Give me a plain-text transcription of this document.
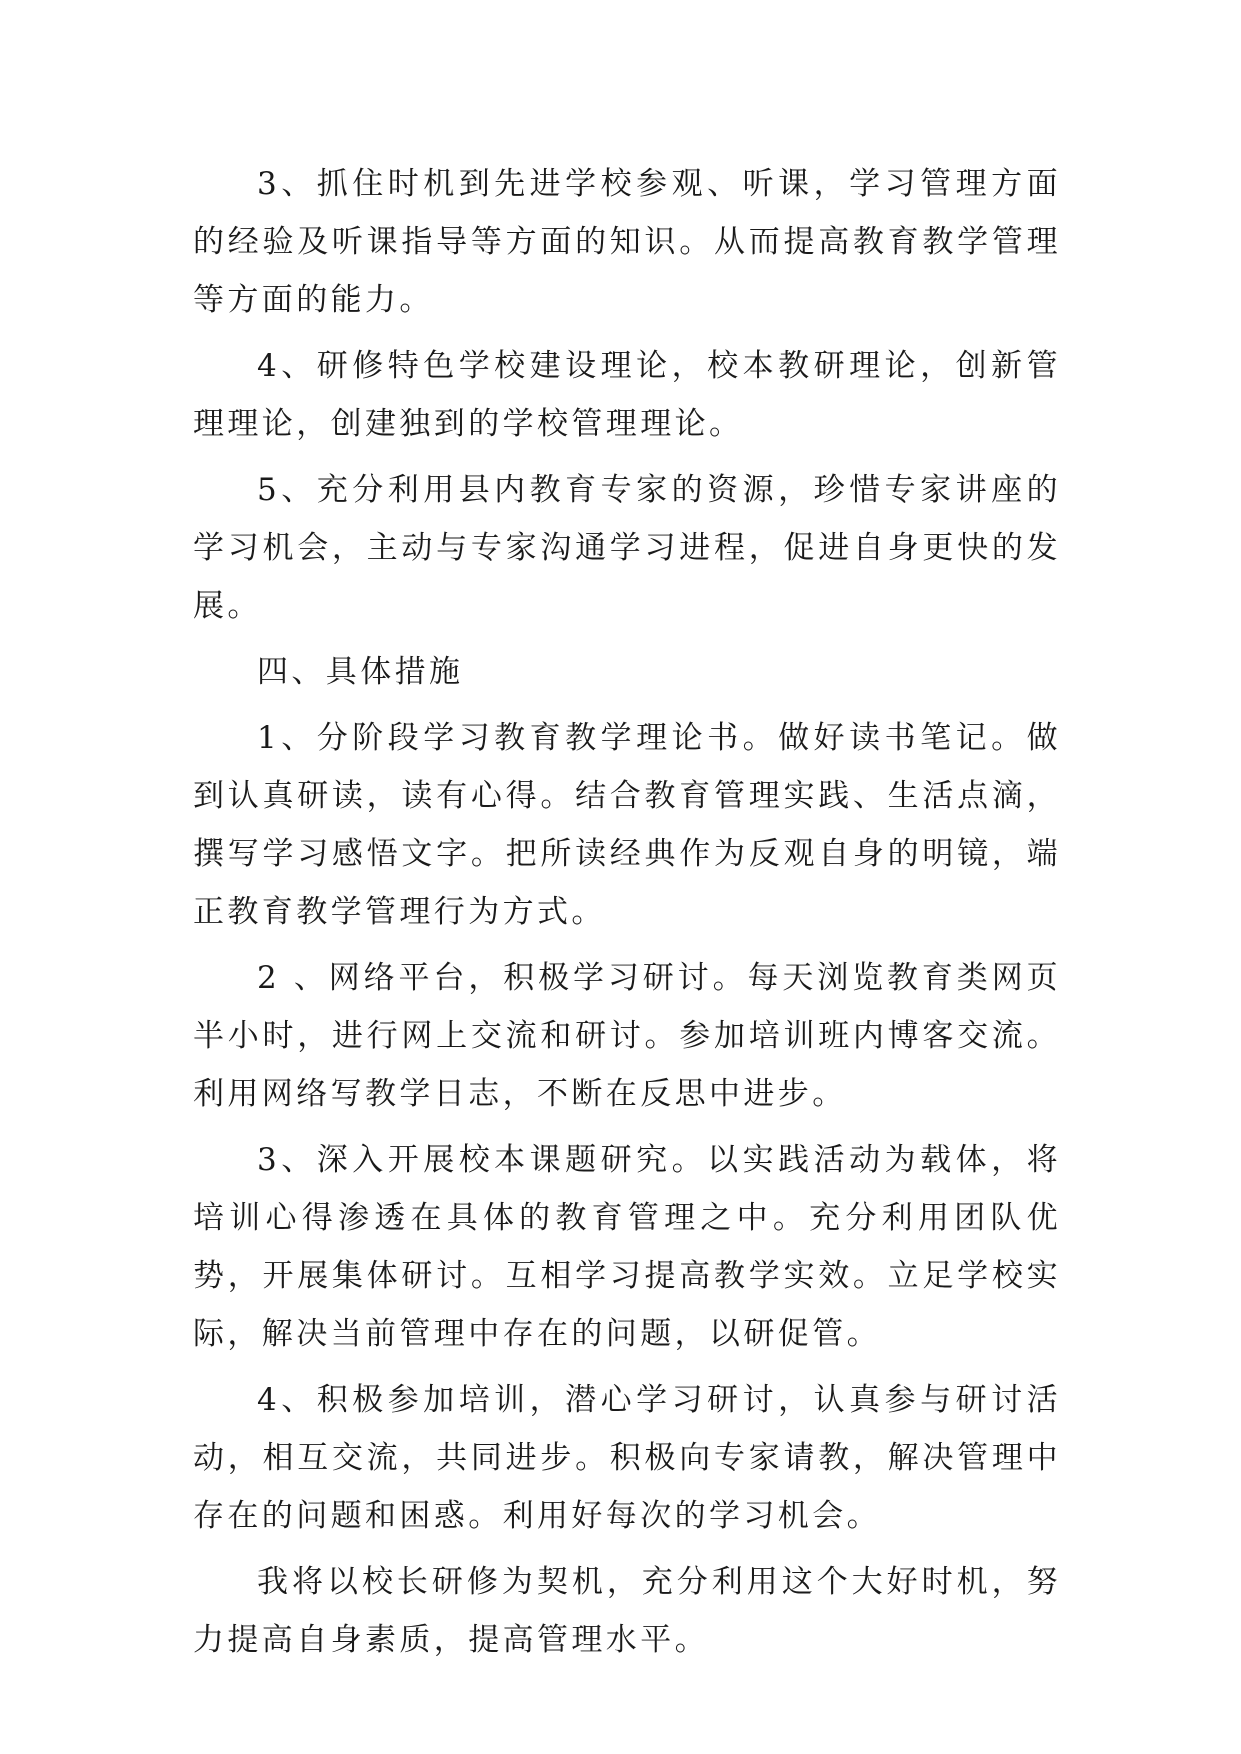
3、抓住时机到先进学校参观、听课，学习管理方面的经验及听课指导等方面的知识。从而提高教育教学管理等方面的能力。

4、研修特色学校建设理论，校本教研理论，创新管理理论，创建独到的学校管理理论。

5、充分利用县内教育专家的资源，珍惜专家讲座的学习机会，主动与专家沟通学习进程，促进自身更快的发展。

四、具体措施

1、分阶段学习教育教学理论书。做好读书笔记。做到认真研读，读有心得。结合教育管理实践、生活点滴，撰写学习感悟文字。把所读经典作为反观自身的明镜，端正教育教学管理行为方式。

2 、网络平台，积极学习研讨。每天浏览教育类网页半小时，进行网上交流和研讨。参加培训班内博客交流。利用网络写教学日志，不断在反思中进步。

3、深入开展校本课题研究。以实践活动为载体，将培训心得渗透在具体的教育管理之中。充分利用团队优势，开展集体研讨。互相学习提高教学实效。立足学校实际，解决当前管理中存在的问题，以研促管。

4、积极参加培训，潜心学习研讨，认真参与研讨活动，相互交流，共同进步。积极向专家请教，解决管理中存在的问题和困惑。利用好每次的学习机会。

我将以校长研修为契机，充分利用这个大好时机，努力提高自身素质，提高管理水平。
